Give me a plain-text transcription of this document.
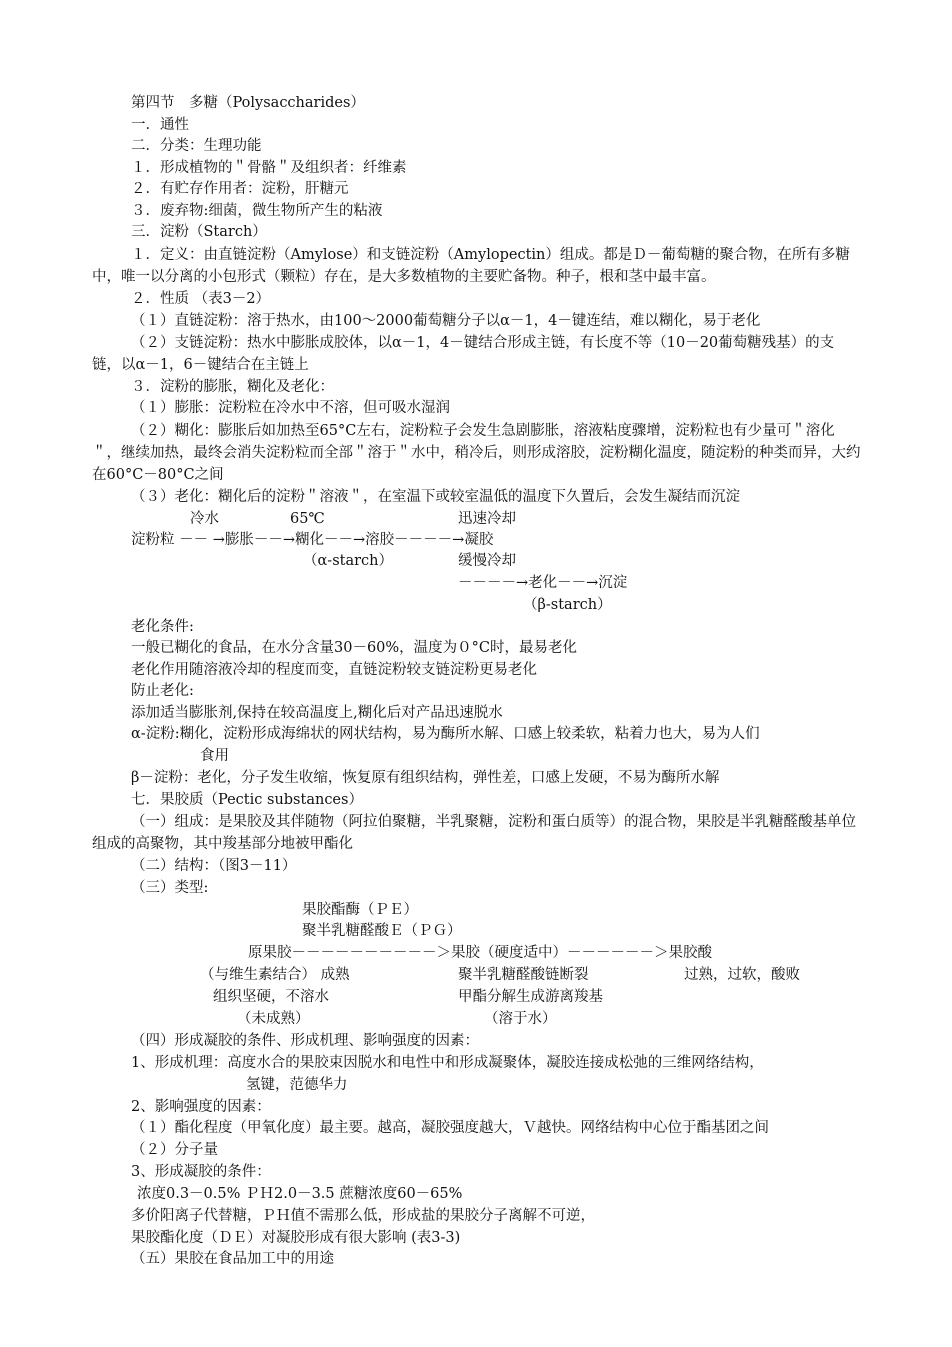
第四节　多糖（Polysaccharides）
一．通性
二．分类：生理功能
１．形成植物的＂骨骼＂及组织者：纤维素
２．有贮存作用者：淀粉，肝糖元
３．废弃物:细菌，微生物所产生的粘液
三．淀粉（Starch）
１．定义：由直链淀粉（Amylose）和支链淀粉（Amylopectin）组成。都是Ｄ－葡萄糖的聚合物，在所有多糖中，唯一以分离的小包形式（颗粒）存在，是大多数植物的主要贮备物。种子，根和茎中最丰富。
２．性质 （表3－2）
（１）直链淀粉：溶于热水，由100～2000葡萄糖分子以α－1，4－键连结，难以糊化，易于老化
（２）支链淀粉：热水中膨胀成胶体，以α－1，4－键结合形成主链，有长度不等（10－20葡萄糖残基）的支链，以α－1，6－键结合在主链上
３．淀粉的膨胀，糊化及老化：
（１）膨胀：淀粉粒在冷水中不溶，但可吸水湿润
（２）糊化：膨胀后如加热至65°C左右，淀粉粒子会发生急剧膨胀，溶液粘度骤增，淀粉粒也有少量可＂溶化＂，继续加热，最终会消失淀粉粒而全部＂溶于＂水中，稍冷后，则形成溶胶，淀粉糊化温度，随淀粉的种类而异，大约在60°C－80°C之间
（３）老化：糊化后的淀粉＂溶液＂，在室温下或较室温低的温度下久置后，会发生凝结而沉淀
冷水	65℃	迅速冷却
淀粉粒 －－ →膨胀－－→糊化－－→溶胶－－－－→凝胶
（α-starch）	缓慢冷却
－－－－→老化－－→沉淀
（β-starch）
老化条件:
一般已糊化的食品，在水分含量30－60%，温度为０°C时，最易老化
老化作用随溶液冷却的程度而变，直链淀粉较支链淀粉更易老化
防止老化:
添加适当膨胀剂,保持在较高温度上,糊化后对产品迅速脱水
α-淀粉:糊化，淀粉形成海绵状的网状结构，易为酶所水解、口感上较柔软，粘着力也大，易为人们
食用
β－淀粉：老化，分子发生收缩，恢复原有组织结构，弹性差，口感上发硬，不易为酶所水解
七．果胶质（Pectic substances）
（一）组成：是果胶及其伴随物（阿拉伯聚糖，半乳聚糖，淀粉和蛋白质等）的混合物，果胶是半乳糖醛酸基单位组成的高聚物，其中羧基部分地被甲酯化
（二）结构：（图3－11）
（三）类型:
果胶酯酶（ＰＥ）
聚半乳糖醛酸Ｅ（ＰＧ）
原果胶－－－－－－－－－－＞果胶（硬度适中）－－－－－－＞果胶酸
（与维生素结合） 成熟	聚半乳糖醛酸链断裂	过熟，过软，酸败
组织坚硬，不溶水	甲酯分解生成游离羧基
（未成熟）	（溶于水）
（四）形成凝胶的条件、形成机理、影响强度的因素：
1、形成机理：高度水合的果胶束因脱水和电性中和形成凝聚体，凝胶连接成松弛的三维网络结构，
氢键，范德华力
2、影响强度的因素：
（１）酯化程度（甲氧化度）最主要。越高，凝胶强度越大，Ｖ越快。网络结构中心位于酯基团之间
（２）分子量
3、形成凝胶的条件：
浓度0.3－0.5% ＰＨ2.0－3.5 蔗糖浓度60－65%
多价阳离子代替糖，ＰＨ值不需那么低，形成盐的果胶分子离解不可逆，
果胶酯化度（ＤＥ）对凝胶形成有很大影响 (表3-3)
（五）果胶在食品加工中的用途
